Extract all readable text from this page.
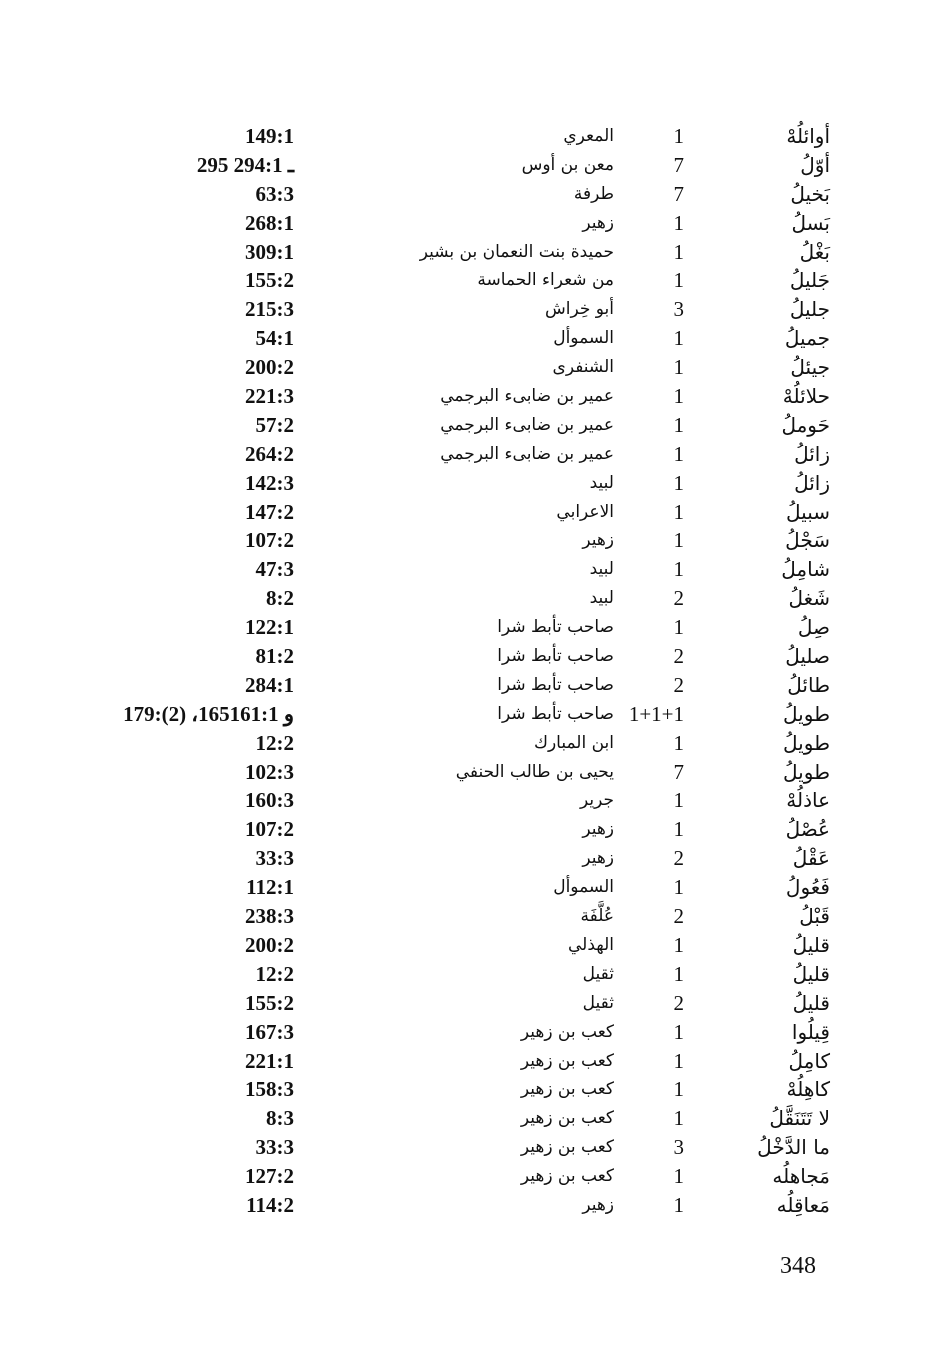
أوائلُهْ
1
المعري
149:1
أوّلُ
7
معن بن أوس
295 ـ 294:1
بَخيلُ
7
طرفة
63:3
بَسلُ
1
زهير
268:1
بَغْلُ
1
حميدة بنت النعمان بن بشير
309:1
جَليلُ
1
من شعراء الحماسة
155:2
جليلُ
3
أبو خِراش
215:3
جميلُ
1
السموأل
54:1
جيئلُ
1
الشنفرى
200:2
حلائلُهْ
1
عمير بن ضابىء البرجمي
221:3
حَوملُ
1
عمير بن ضابىء البرجمي
57:2
زائلُ
1
عمير بن ضابىء البرجمي
264:2
زائلُ
1
لبيد
142:3
سبيلُ
1
الاعرابي
147:2
سَجْلُ
1
زهير
107:2
شامِلُ
1
لبيد
47:3
شَغلُ
2
لبيد
8:2
صِلُ
1
صاحب تأبط شرا
122:1
صليلُ
2
صاحب تأبط شرا
81:2
طائلُ
2
صاحب تأبط شرا
284:1
طويلُ
1+1+1
صاحب تأبط شرا
179:(2) ،165و 161:1
طويلُ
1
ابن المبارك
12:2
طويلُ
7
يحيى بن طالب الحنفي
102:3
عاذلُهْ
1
جرير
160:3
عُصْلُ
1
زهير
107:2
عَقْلُ
2
زهير
33:3
فَعُولُ
1
السموأل
112:1
قَبْلُ
2
عُلَّفَة
238:3
قليلُ
1
الهذلي
200:2
قليلُ
1
ثقيل
12:2
قليلُ
2
ثقيل
155:2
قِيلُوا
1
كعب بن زهير
167:3
كامِلُ
1
كعب بن زهير
221:1
كاهِلُهْ
1
كعب بن زهير
158:3
لا تَتَنَقَّلُ
1
كعب بن زهير
8:3
ما الدَّخْلُ
3
كعب بن زهير
33:3
مَجاهلُه
1
كعب بن زهير
127:2
مَعاقِلُه
1
زهير
114:2
348
